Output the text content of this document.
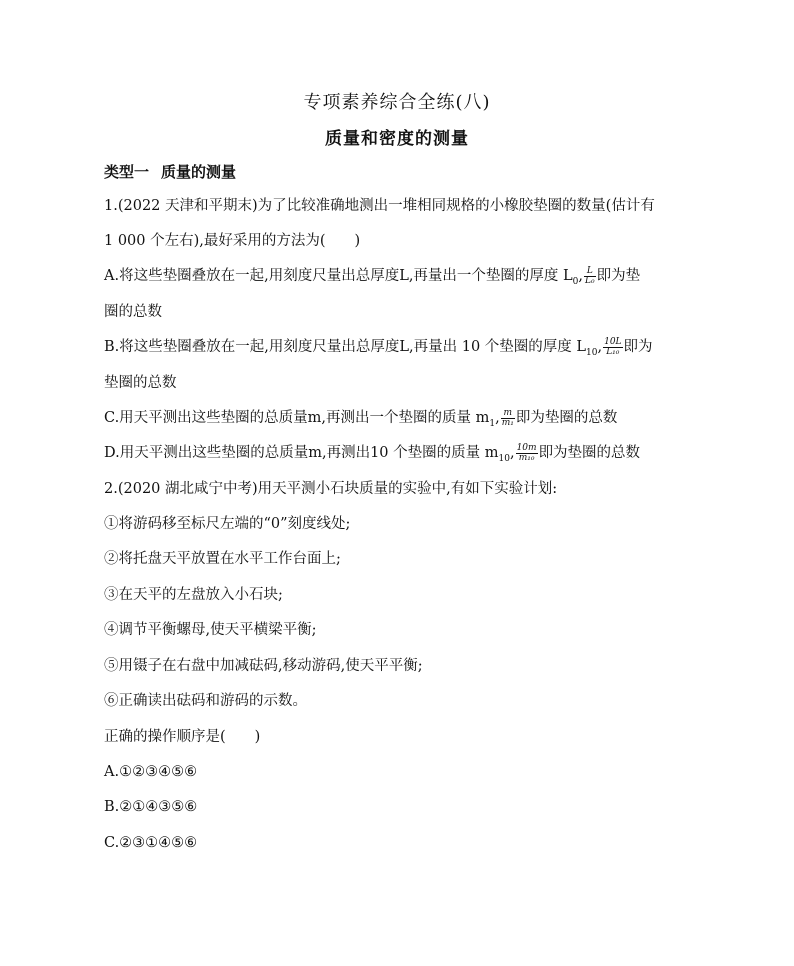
专项素养综合全练(八)
质量和密度的测量
类型一 质量的测量
1.(2022 天津和平期末)为了比较准确地测出一堆相同规格的小橡胶垫圈的数量(估计有
1 000 个左右),最好采用的方法为(　　)
A.将这些垫圈叠放在一起,用刻度尺量出总厚度L,再量出一个垫圈的厚度 $L_0$, $\frac{L}{\text{L₀}}$ 即为垫
圈的总数
B.将这些垫圈叠放在一起,用刻度尺量出总厚度L,再量出 10 个垫圈的厚度 $L_{10}$, $\frac{10L}{\text{L₁₀}}$ 即为
垫圈的总数
C.用天平测出这些垫圈的总质量m,再测出一个垫圈的质量 $m_1$, $\frac{m}{\text{m₁}}$ 即为垫圈的总数
D.用天平测出这些垫圈的总质量m,再测出10 个垫圈的质量 $m_{10}$, $\frac{10m}{\text{m₁₀}}$ 即为垫圈的总数
2.(2020 湖北咸宁中考)用天平测小石块质量的实验中,有如下实验计划:
①将游码移至标尺左端的“0”刻度线处;
②将托盘天平放置在水平工作台面上;
③在天平的左盘放入小石块;
④调节平衡螺母,使天平横梁平衡;
⑤用镊子在右盘中加减砝码,移动游码,使天平平衡;
⑥正确读出砝码和游码的示数。
正确的操作顺序是(　　)
A.①②③④⑤⑥
B.②①④③⑤⑥
C.②③①④⑤⑥
